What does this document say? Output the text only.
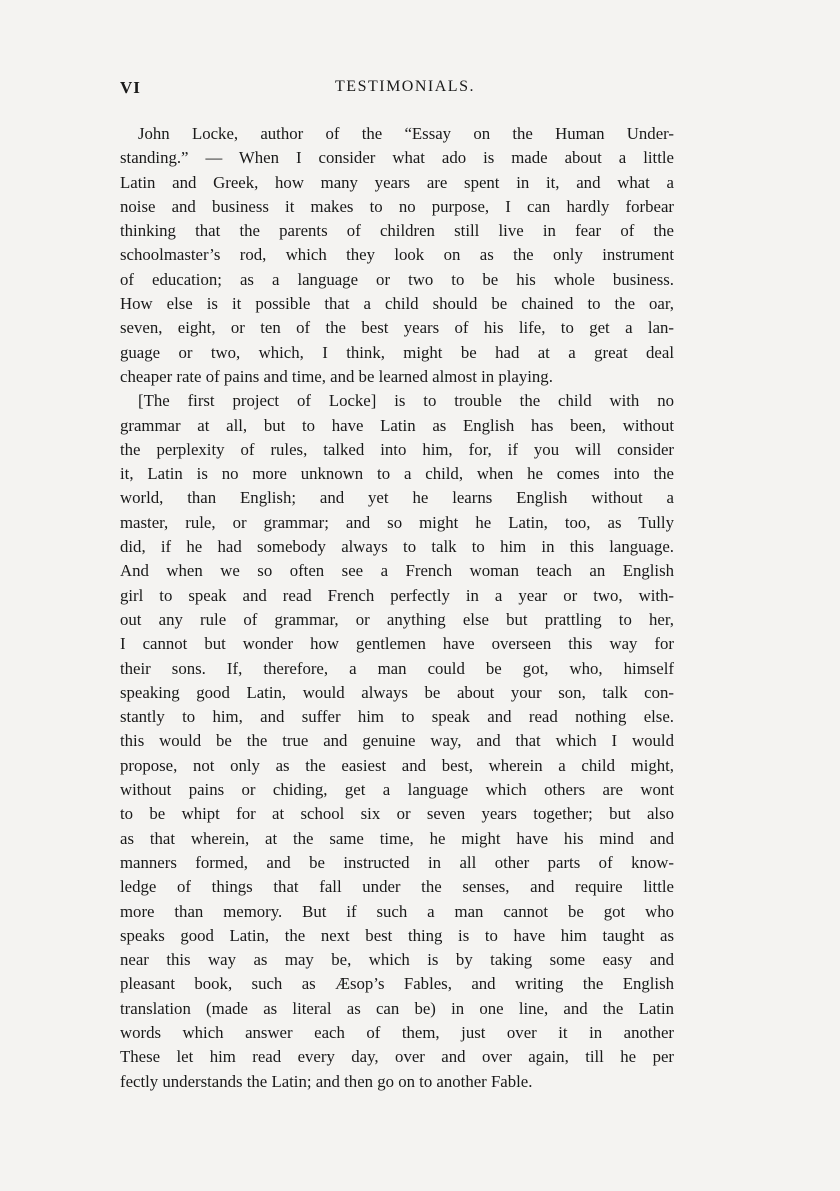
VI	TESTIMONIALS.
John Locke, author of the “Essay on the Human Under-
standing.” — When I consider what ado is made about a little
Latin and Greek, how many years are spent in it, and what a
noise and business it makes to no purpose, I can hardly forbear
thinking that the parents of children still live in fear of the
schoolmaster’s rod, which they look on as the only instrument
of education; as a language or two to be his whole business.
How else is it possible that a child should be chained to the oar,
seven, eight, or ten of the best years of his life, to get a lan-
guage or two, which, I think, might be had at a great deal
cheaper rate of pains and time, and be learned almost in playing.
[The first project of Locke] is to trouble the child with no
grammar at all, but to have Latin as English has been, without
the perplexity of rules, talked into him, for, if you will consider
it, Latin is no more unknown to a child, when he comes into the
world, than English; and yet he learns English without a
master, rule, or grammar; and so might he Latin, too, as Tully
did, if he had somebody always to talk to him in this language.
And when we so often see a French woman teach an English
girl to speak and read French perfectly in a year or two, with-
out any rule of grammar, or anything else but prattling to her,
I cannot but wonder how gentlemen have overseen this way for
their sons. If, therefore, a man could be got, who, himself
speaking good Latin, would always be about your son, talk con-
stantly to him, and suffer him to speak and read nothing else.
this would be the true and genuine way, and that which I would
propose, not only as the easiest and best, wherein a child might,
without pains or chiding, get a language which others are wont
to be whipt for at school six or seven years together; but also
as that wherein, at the same time, he might have his mind and
manners formed, and be instructed in all other parts of know-
ledge of things that fall under the senses, and require little
more than memory. But if such a man cannot be got who
speaks good Latin, the next best thing is to have him taught as
near this way as may be, which is by taking some easy and
pleasant book, such as Æsop’s Fables, and writing the English
translation (made as literal as can be) in one line, and the Latin
words which answer each of them, just over it in another
These let him read every day, over and over again, till he per
fectly understands the Latin; and then go on to another Fable.
